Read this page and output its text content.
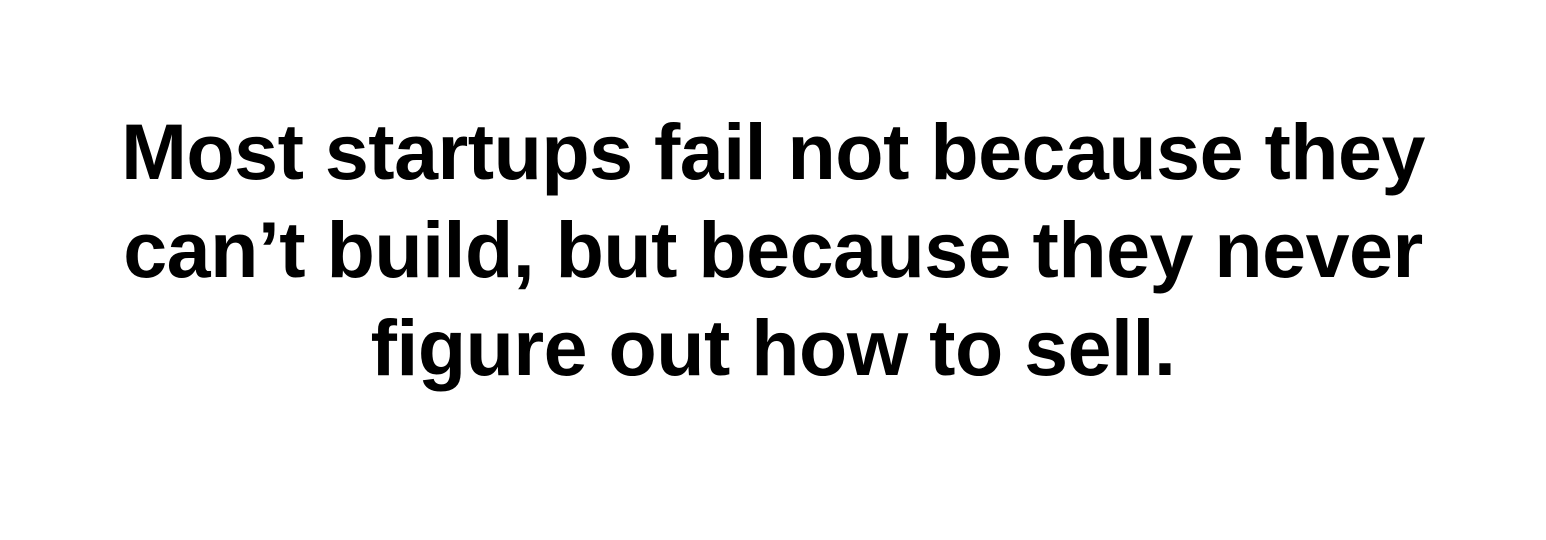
Most startups fail not because they
can’t build, but because they never
figure out how to sell.
